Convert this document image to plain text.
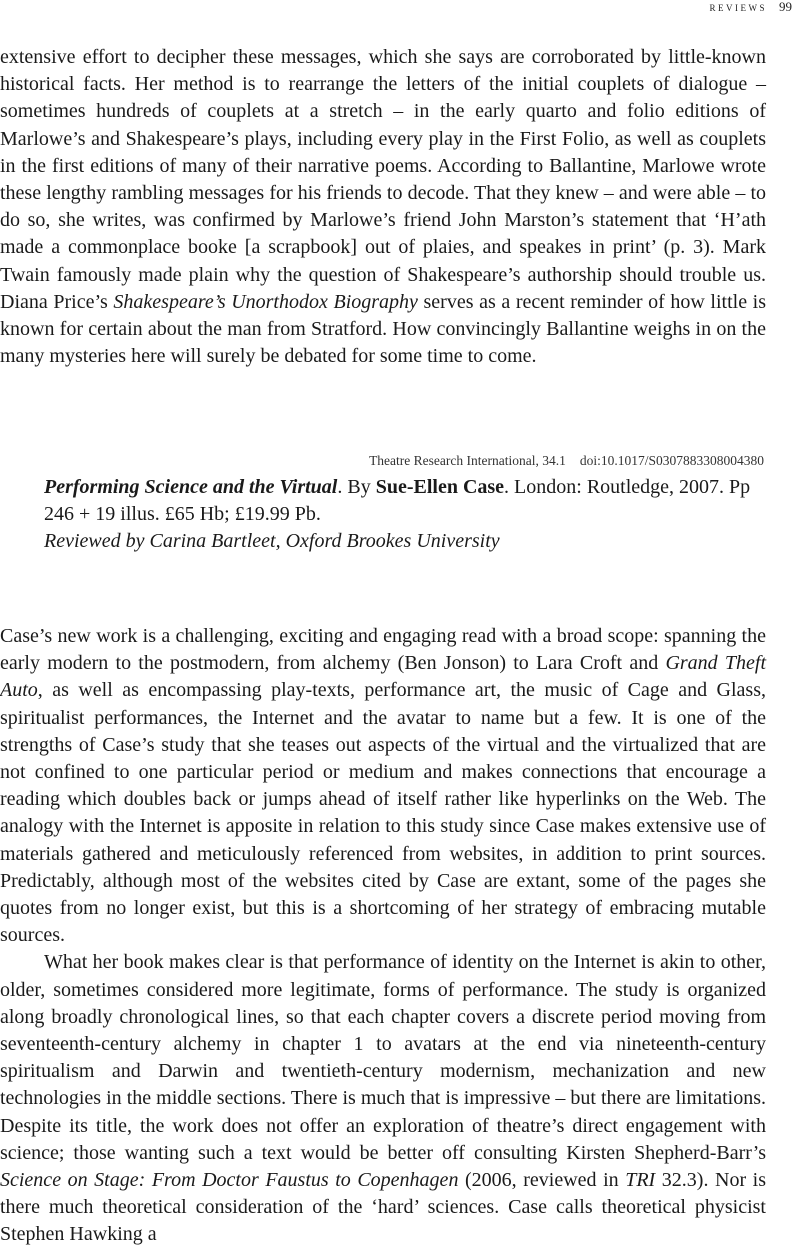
reviews 99

extensive effort to decipher these messages, which she says are corroborated by little-known historical facts. Her method is to rearrange the letters of the initial couplets of dialogue – sometimes hundreds of couplets at a stretch – in the early quarto and folio editions of Marlowe’s and Shakespeare’s plays, including every play in the First Folio, as well as couplets in the first editions of many of their narrative poems. According to Ballantine, Marlowe wrote these lengthy rambling messages for his friends to decode. That they knew – and were able – to do so, she writes, was confirmed by Marlowe’s friend John Marston’s statement that ‘H’ath made a commonplace booke [a scrapbook] out of plaies, and speakes in print’ (p. 3). Mark Twain famously made plain why the question of Shakespeare’s authorship should trouble us. Diana Price’s Shakespeare’s Unorthodox Biography serves as a recent reminder of how little is known for certain about the man from Stratford. How convincingly Ballantine weighs in on the many mysteries here will surely be debated for some time to come.

Theatre Research International, 34.1 doi:10.1017/S0307883308004380
Performing Science and the Virtual. By Sue-Ellen Case. London: Routledge, 2007. Pp 246 + 19 illus. £65 Hb; £19.99 Pb.
Reviewed by Carina Bartleet, Oxford Brookes University

Case’s new work is a challenging, exciting and engaging read with a broad scope: spanning the early modern to the postmodern, from alchemy (Ben Jonson) to Lara Croft and Grand Theft Auto, as well as encompassing play-texts, performance art, the music of Cage and Glass, spiritualist performances, the Internet and the avatar to name but a few. It is one of the strengths of Case’s study that she teases out aspects of the virtual and the virtualized that are not confined to one particular period or medium and makes connections that encourage a reading which doubles back or jumps ahead of itself rather like hyperlinks on the Web. The analogy with the Internet is apposite in relation to this study since Case makes extensive use of materials gathered and meticulously referenced from websites, in addition to print sources. Predictably, although most of the websites cited by Case are extant, some of the pages she quotes from no longer exist, but this is a shortcoming of her strategy of embracing mutable sources.

What her book makes clear is that performance of identity on the Internet is akin to other, older, sometimes considered more legitimate, forms of performance. The study is organized along broadly chronological lines, so that each chapter covers a discrete period moving from seventeenth-century alchemy in chapter 1 to avatars at the end via nineteenth-century spiritualism and Darwin and twentieth-century modernism, mechanization and new technologies in the middle sections. There is much that is impressive – but there are limitations. Despite its title, the work does not offer an exploration of theatre’s direct engagement with science; those wanting such a text would be better off consulting Kirsten Shepherd-Barr’s Science on Stage: From Doctor Faustus to Copenhagen (2006, reviewed in TRI 32.3). Nor is there much theoretical consideration of the ‘hard’ sciences. Case calls theoretical physicist Stephen Hawking a
